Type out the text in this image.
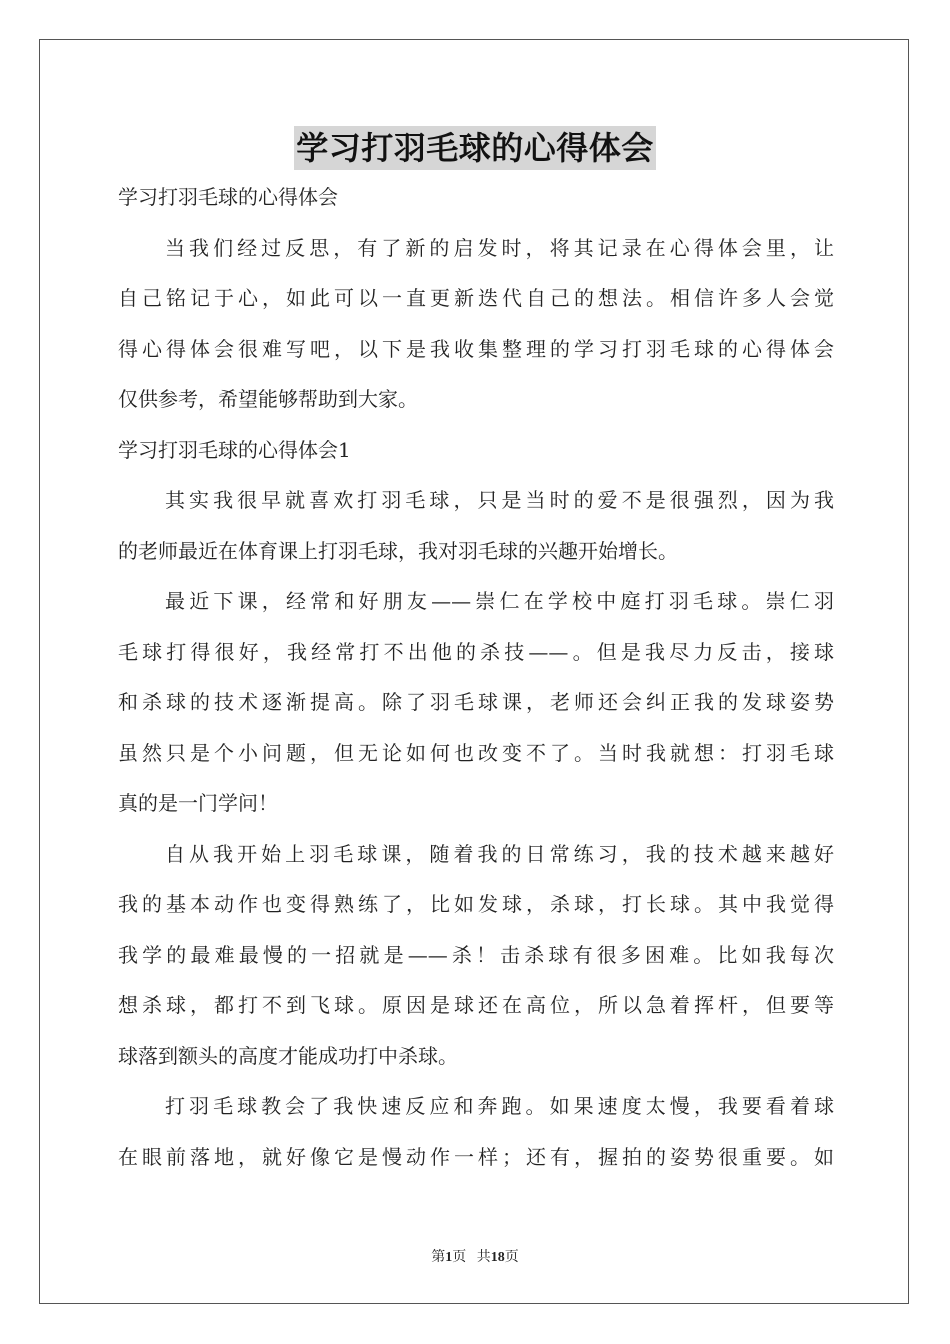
学习打羽毛球的心得体会
学习打羽毛球的心得体会
当我们经过反思，有了新的启发时，将其记录在心得体会里，让
自己铭记于心，如此可以一直更新迭代自己的想法。相信许多人会觉
得心得体会很难写吧，以下是我收集整理的学习打羽毛球的心得体会
仅供参考，希望能够帮助到大家。
学习打羽毛球的心得体会1
其实我很早就喜欢打羽毛球，只是当时的爱不是很强烈，因为我
的老师最近在体育课上打羽毛球，我对羽毛球的兴趣开始增长。
最近下课，经常和好朋友——崇仁在学校中庭打羽毛球。崇仁羽
毛球打得很好，我经常打不出他的杀技——。但是我尽力反击，接球
和杀球的技术逐渐提高。除了羽毛球课，老师还会纠正我的发球姿势
虽然只是个小问题，但无论如何也改变不了。当时我就想：打羽毛球
真的是一门学问！
自从我开始上羽毛球课，随着我的日常练习，我的技术越来越好
我的基本动作也变得熟练了，比如发球，杀球，打长球。其中我觉得
我学的最难最慢的一招就是——杀！击杀球有很多困难。比如我每次
想杀球，都打不到飞球。原因是球还在高位，所以急着挥杆，但要等
球落到额头的高度才能成功打中杀球。
打羽毛球教会了我快速反应和奔跑。如果速度太慢，我要看着球
在眼前落地，就好像它是慢动作一样；还有，握拍的姿势很重要。如
第1页 共18页
